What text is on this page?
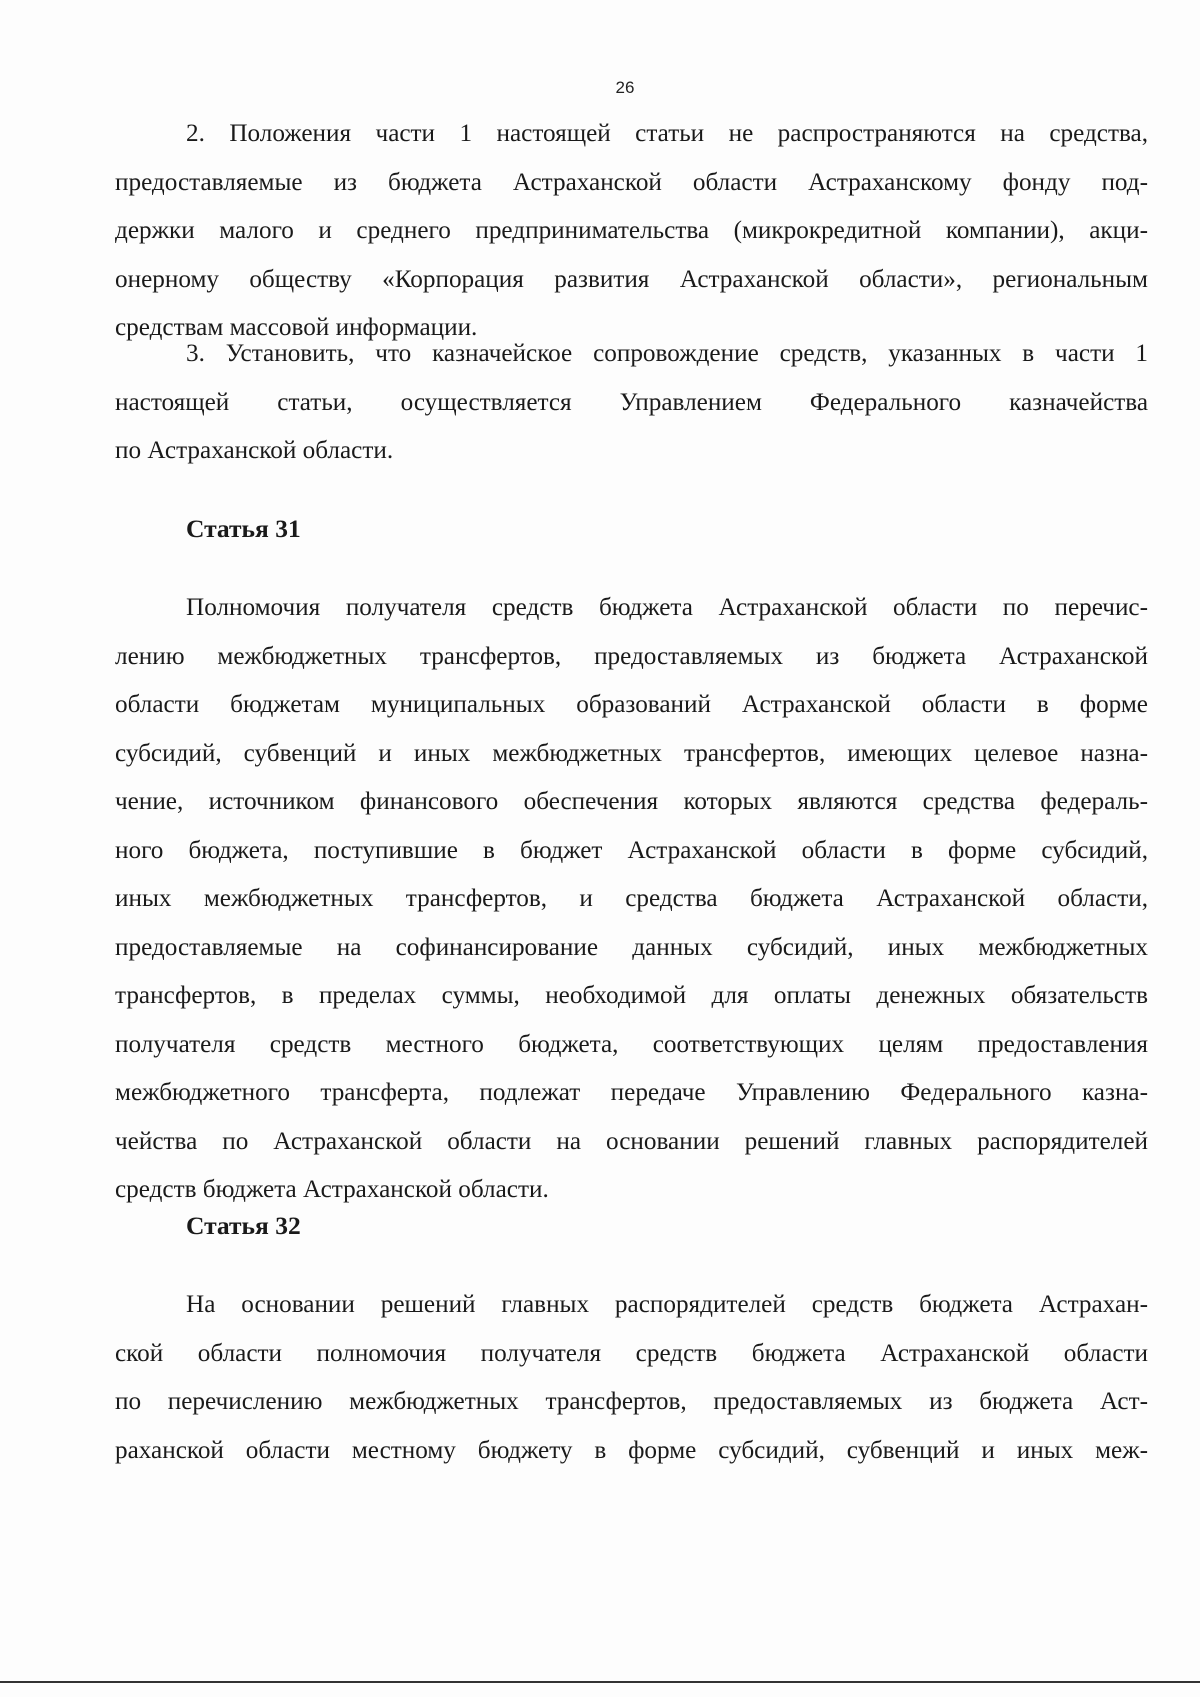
26
2. Положения части 1 настоящей статьи не распространяются на средства,
предоставляемые из бюджета Астраханской области Астраханскому фонду под-
держки малого и среднего предпринимательства (микрокредитной компании), акци-
онерному обществу «Корпорация развития Астраханской области», региональным
средствам массовой информации.
3. Установить, что казначейское сопровождение средств, указанных в части 1
настоящей статьи, осуществляется Управлением Федерального казначейства
по Астраханской области.
Статья 31
Полномочия получателя средств бюджета Астраханской области по перечис-
лению межбюджетных трансфертов, предоставляемых из бюджета Астраханской
области бюджетам муниципальных образований Астраханской области в форме
субсидий, субвенций и иных межбюджетных трансфертов, имеющих целевое назна-
чение, источником финансового обеспечения которых являются средства федераль-
ного бюджета, поступившие в бюджет Астраханской области в форме субсидий,
иных межбюджетных трансфертов, и средства бюджета Астраханской области,
предоставляемые на софинансирование данных субсидий, иных межбюджетных
трансфертов, в пределах суммы, необходимой для оплаты денежных обязательств
получателя средств местного бюджета, соответствующих целям предоставления
межбюджетного трансферта, подлежат передаче Управлению Федерального казна-
чейства по Астраханской области на основании решений главных распорядителей
средств бюджета Астраханской области.
Статья 32
На основании решений главных распорядителей средств бюджета Астрахан-
ской области полномочия получателя средств бюджета Астраханской области
по перечислению межбюджетных трансфертов, предоставляемых из бюджета Аст-
раханской области местному бюджету в форме субсидий, субвенций и иных меж-
